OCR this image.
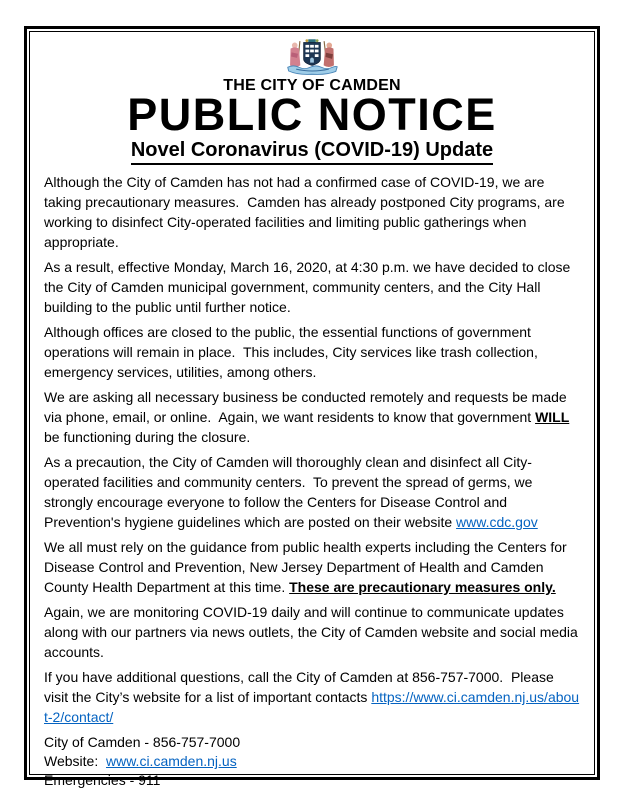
THE CITY OF CAMDEN
PUBLIC NOTICE
Novel Coronavirus (COVID-19) Update

Although the City of Camden has not had a confirmed case of COVID-19, we are taking precautionary measures.  Camden has already postponed City programs, are working to disinfect City-operated facilities and limiting public gatherings when appropriate.

As a result, effective Monday, March 16, 2020, at 4:30 p.m. we have decided to close the City of Camden municipal government, community centers, and the City Hall building to the public until further notice.

Although offices are closed to the public, the essential functions of government operations will remain in place.  This includes, City services like trash collection, emergency services, utilities, among others.

We are asking all necessary business be conducted remotely and requests be made via phone, email, or online.  Again, we want residents to know that government WILL be functioning during the closure.

As a precaution, the City of Camden will thoroughly clean and disinfect all City-operated facilities and community centers.  To prevent the spread of germs, we strongly encourage everyone to follow the Centers for Disease Control and Prevention's hygiene guidelines which are posted on their website www.cdc.gov

We all must rely on the guidance from public health experts including the Centers for Disease Control and Prevention, New Jersey Department of Health and Camden County Health Department at this time. These are precautionary measures only.

Again, we are monitoring COVID-19 daily and will continue to communicate updates along with our partners via news outlets, the City of Camden website and social media accounts.

If you have additional questions, call the City of Camden at 856-757-7000.  Please visit the City’s website for a list of important contacts https://www.ci.camden.nj.us/about-2/contact/

City of Camden - 856-757-7000
Website:  www.ci.camden.nj.us
Emergencies - 911
